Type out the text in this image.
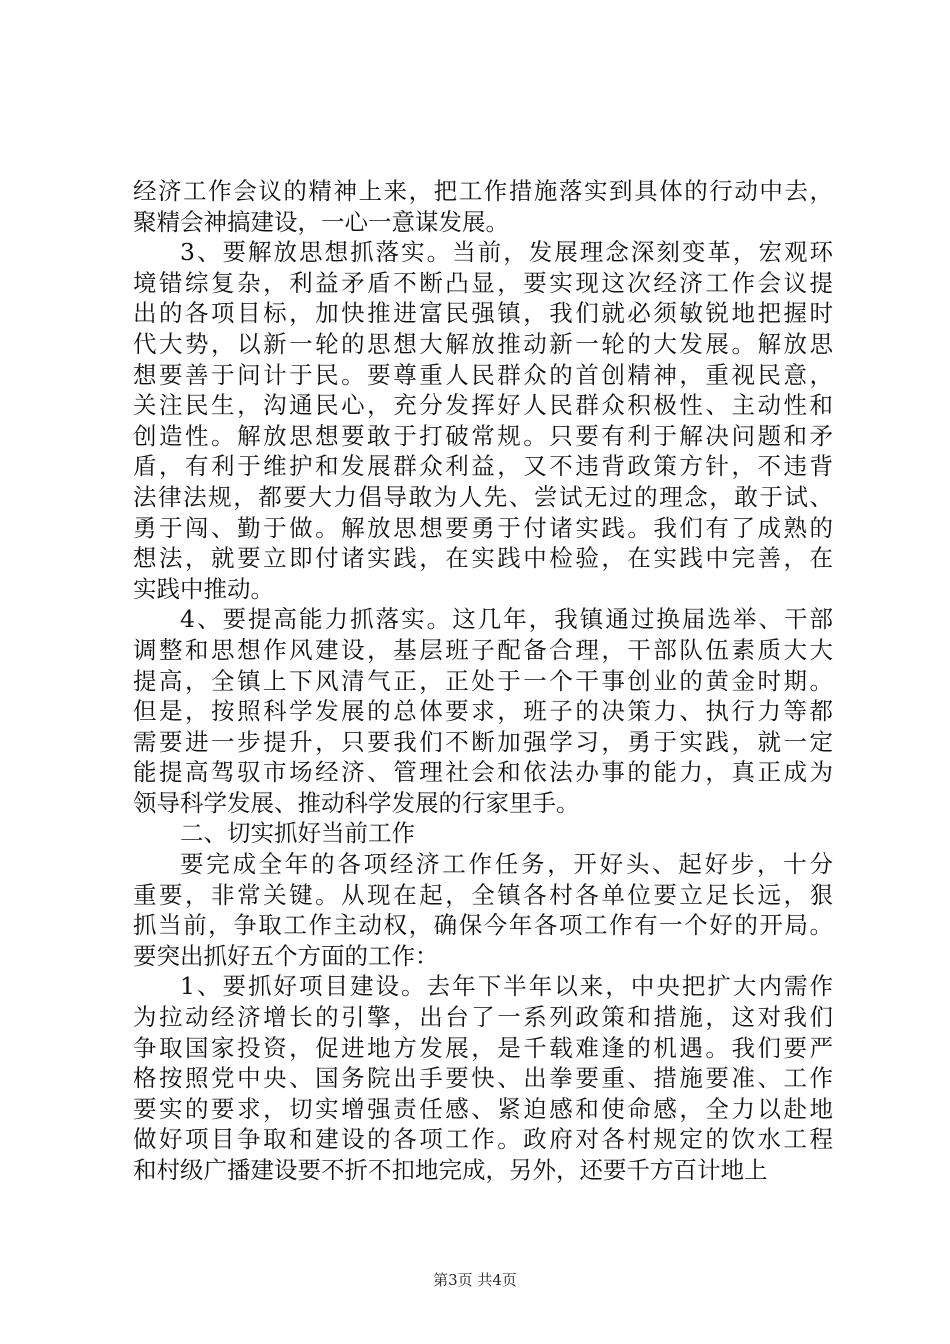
经济工作会议的精神上来，把工作措施落实到具体的行动中去，
聚精会神搞建设，一心一意谋发展。
3、要解放思想抓落实。当前，发展理念深刻变革，宏观环
境错综复杂，利益矛盾不断凸显，要实现这次经济工作会议提
出的各项目标，加快推进富民强镇，我们就必须敏锐地把握时
代大势，以新一轮的思想大解放推动新一轮的大发展。解放思
想要善于问计于民。要尊重人民群众的首创精神，重视民意，
关注民生，沟通民心，充分发挥好人民群众积极性、主动性和
创造性。解放思想要敢于打破常规。只要有利于解决问题和矛
盾，有利于维护和发展群众利益，又不违背政策方针，不违背
法律法规，都要大力倡导敢为人先、尝试无过的理念，敢于试、
勇于闯、勤于做。解放思想要勇于付诸实践。我们有了成熟的
想法，就要立即付诸实践，在实践中检验，在实践中完善，在
实践中推动。
4、要提高能力抓落实。这几年，我镇通过换届选举、干部
调整和思想作风建设，基层班子配备合理，干部队伍素质大大
提高，全镇上下风清气正，正处于一个干事创业的黄金时期。
但是，按照科学发展的总体要求，班子的决策力、执行力等都
需要进一步提升，只要我们不断加强学习，勇于实践，就一定
能提高驾驭市场经济、管理社会和依法办事的能力，真正成为
领导科学发展、推动科学发展的行家里手。
二、切实抓好当前工作
要完成全年的各项经济工作任务，开好头、起好步，十分
重要，非常关键。从现在起，全镇各村各单位要立足长远，狠
抓当前，争取工作主动权，确保今年各项工作有一个好的开局。
要突出抓好五个方面的工作：
1、要抓好项目建设。去年下半年以来，中央把扩大内需作
为拉动经济增长的引擎，出台了一系列政策和措施，这对我们
争取国家投资，促进地方发展，是千载难逢的机遇。我们要严
格按照党中央、国务院出手要快、出拳要重、措施要准、工作
要实的要求，切实增强责任感、紧迫感和使命感，全力以赴地
做好项目争取和建设的各项工作。政府对各村规定的饮水工程
和村级广播建设要不折不扣地完成，另外，还要千方百计地上
第3页 共4页
